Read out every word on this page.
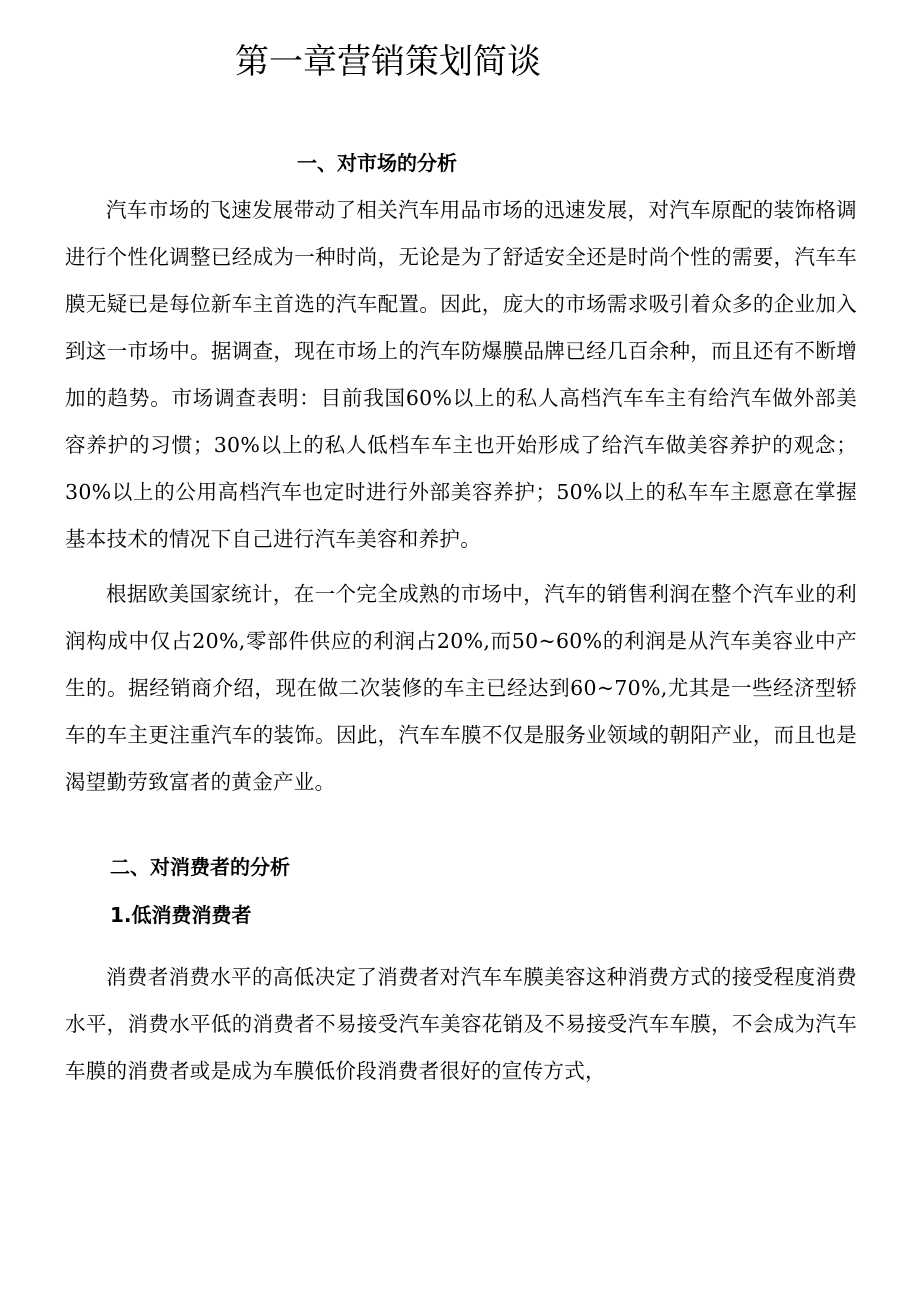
第一章营销策划简谈
一、对市场的分析

汽车市场的飞速发展带动了相关汽车用品市场的迅速发展，对汽车原配的装饰格调进行个性化调整已经成为一种时尚，无论是为了舒适安全还是时尚个性的需要，汽车车膜无疑已是每位新车主首选的汽车配置。因此，庞大的市场需求吸引着众多的企业加入到这一市场中。据调查，现在市场上的汽车防爆膜品牌已经几百余种，而且还有不断增加的趋势。市场调查表明：目前我国60%以上的私人高档汽车车主有给汽车做外部美容养护的习惯；30%以上的私人低档车车主也开始形成了给汽车做美容养护的观念；30%以上的公用高档汽车也定时进行外部美容养护；50%以上的私车车主愿意在掌握基本技术的情况下自己进行汽车美容和养护。

根据欧美国家统计，在一个完全成熟的市场中，汽车的销售利润在整个汽车业的利润构成中仅占20%,零部件供应的利润占20%,而50~60%的利润是从汽车美容业中产生的。据经销商介绍，现在做二次装修的车主已经达到60~70%,尤其是一些经济型轿车的车主更注重汽车的装饰。因此，汽车车膜不仅是服务业领域的朝阳产业，而且也是渴望勤劳致富者的黄金产业。

二、对消费者的分析
1.低消费消费者

消费者消费水平的高低决定了消费者对汽车车膜美容这种消费方式的接受程度消费水平，消费水平低的消费者不易接受汽车美容花销及不易接受汽车车膜，不会成为汽车车膜的消费者或是成为车膜低价段消费者很好的宣传方式，
